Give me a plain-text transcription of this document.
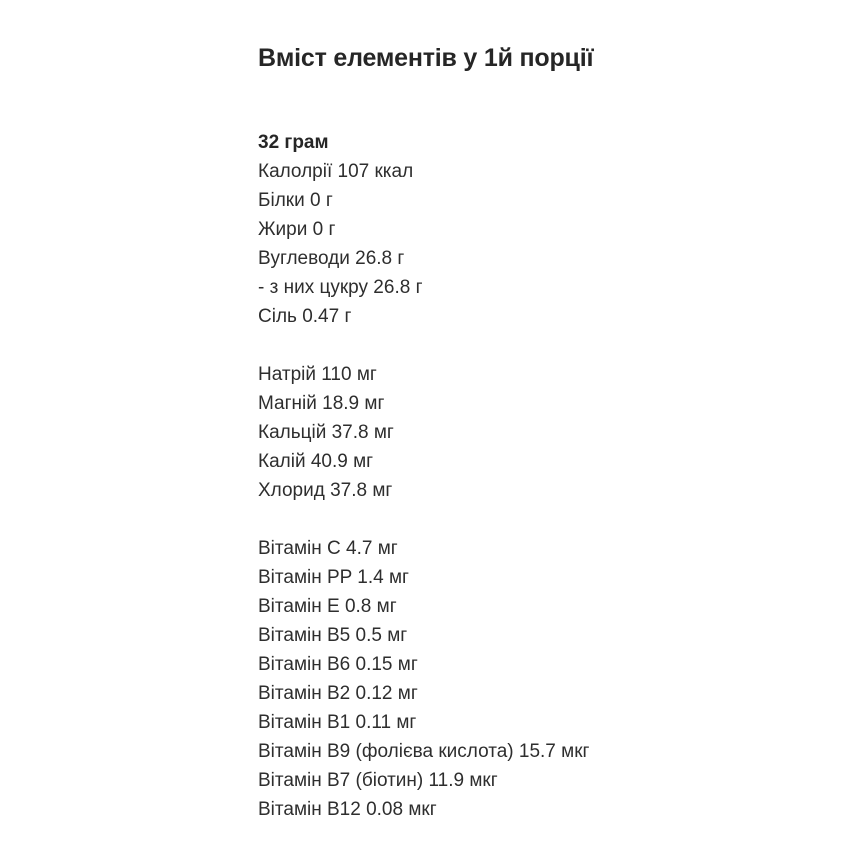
Вміст елементів у 1й порції
32 грам
Калолрії 107 ккал
Білки 0 г
Жири 0 г
Вуглеводи 26.8 г
- з них цукру 26.8 г
Сіль 0.47 г
Натрій 110 мг
Магній 18.9 мг
Кальцій 37.8 мг
Калій 40.9 мг
Хлорид 37.8 мг
Вітамін С 4.7 мг
Вітамін PP 1.4 мг
Вітамін Е 0.8 мг
Вітамін В5 0.5 мг
Вітамін В6 0.15 мг
Вітамін В2 0.12 мг
Вітамін В1 0.11 мг
Вітамін В9 (фолієва кислота) 15.7 мкг
Вітамін В7 (біотин) 11.9 мкг
Вітамін В12 0.08 мкг
